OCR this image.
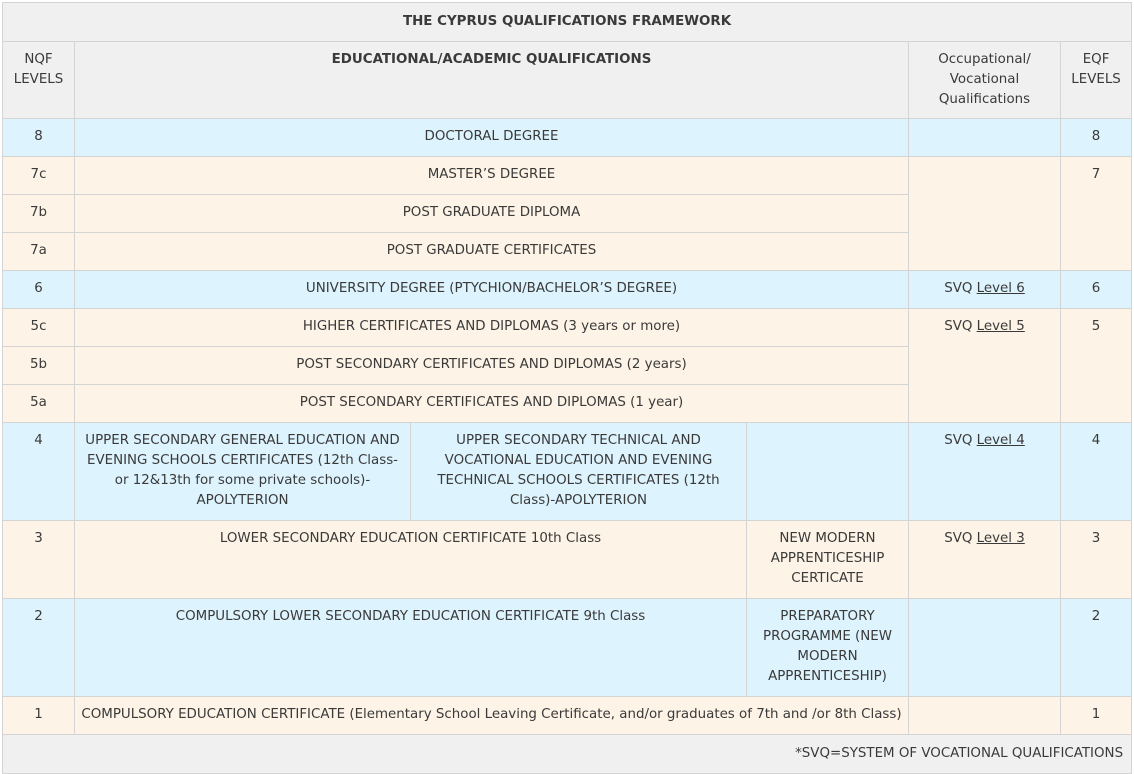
THE CYPRUS QUALIFICATIONS FRAMEWORK					
NQF LEVELS	EDUCATIONAL/ACADEMIC QUALIFICATIONS			Occupational/ Vocational Qualifications	EQF LEVELS
8	DOCTORAL DEGREE				8
7c	MASTER’S DEGREE				7
7b	POST GRADUATE DIPLOMA				
7a	POST GRADUATE CERTIFICATES				
6	UNIVERSITY DEGREE (PTYCHION/BACHELOR’S DEGREE)			SVQ Level 6	6
5c	HIGHER CERTIFICATES AND DIPLOMAS (3 years or more)			SVQ Level 5	5
5b	POST SECONDARY CERTIFICATES AND DIPLOMAS (2 years)				
5a	POST SECONDARY CERTIFICATES AND DIPLOMAS (1 year)				
4	UPPER SECONDARY GENERAL EDUCATION AND EVENING SCHOOLS CERTIFICATES (12th Class-or 12&13th for some private schools)-APOLYTERION	UPPER SECONDARY TECHNICAL AND VOCATIONAL EDUCATION AND EVENING TECHNICAL SCHOOLS CERTIFICATES (12th Class)-APOLYTERION		SVQ Level 4	4
3	LOWER SECONDARY EDUCATION CERTIFICATE 10th Class		NEW MODERN APPRENTICESHIP CERTICATE	SVQ Level 3	3
2	COMPULSORY LOWER SECONDARY EDUCATION CERTIFICATE 9th Class		PREPARATORY PROGRAMME (NEW MODERN APPRENTICESHIP)		2
1	COMPULSORY EDUCATION CERTIFICATE (Elementary School Leaving Certificate, and/or graduates of 7th and /or 8th Class)				1
*SVQ=SYSTEM OF VOCATIONAL QUALIFICATIONS					
